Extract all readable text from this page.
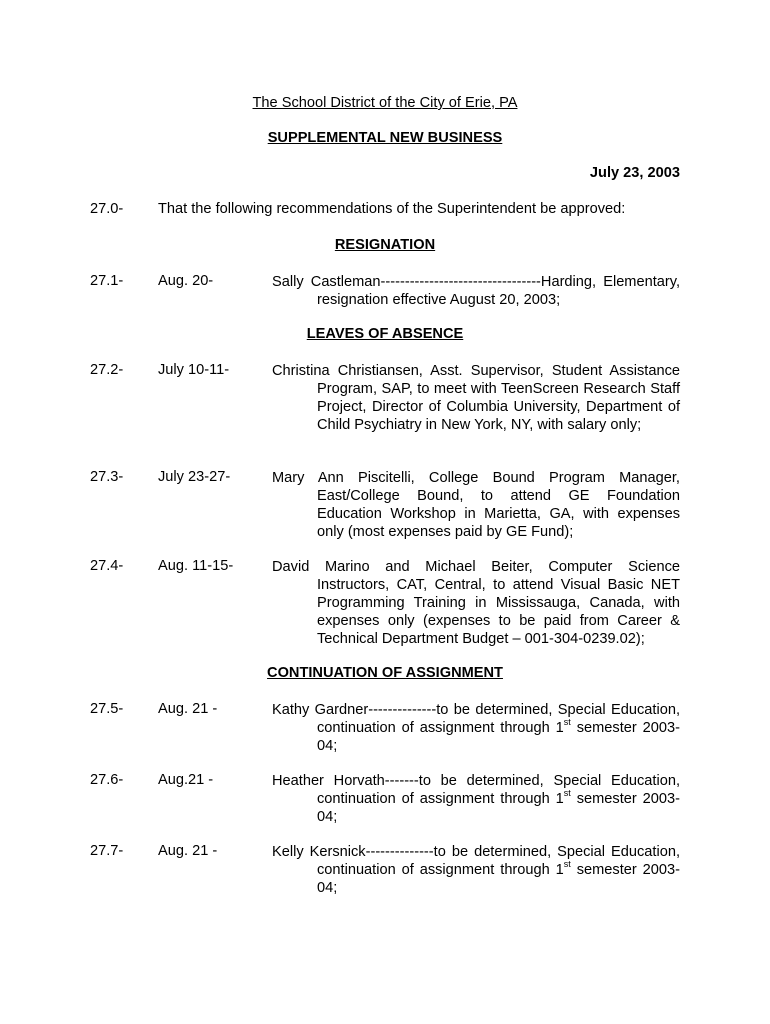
The School District of the City of Erie, PA
SUPPLEMENTAL NEW BUSINESS
July 23, 2003
27.0- That the following recommendations of the Superintendent be approved:
RESIGNATION
27.1- Aug. 20-	Sally Castleman---------------------------------Harding, Elementary,
resignation effective August 20, 2003;
LEAVES OF ABSENCE
27.2- July 10-11-	Christina Christiansen, Asst. Supervisor, Student Assistance
Program, SAP, to meet with TeenScreen Research Staff Project, Director of Columbia University, Department of Child Psychiatry in New York, NY, with salary only;
27.3- July 23-27-	Mary Ann Piscitelli, College Bound Program Manager,
East/College Bound, to attend GE Foundation Education Workshop in Marietta, GA, with expenses only (most expenses paid by GE Fund);
27.4- Aug. 11-15-	David Marino and Michael Beiter, Computer Science
Instructors, CAT, Central, to attend Visual Basic NET Programming Training in Mississauga, Canada, with expenses only (expenses to be paid from Career & Technical Department Budget – 001-304-0239.02);
CONTINUATION OF ASSIGNMENT
27.5- Aug. 21 -	Kathy Gardner--------------to be determined, Special Education,
continuation of assignment through 1st semester 2003-04;
27.6- Aug.21 -	Heather Horvath-------to be determined, Special Education,
continuation of assignment through 1st semester 2003-04;
27.7- Aug. 21 -	Kelly Kersnick--------------to be determined, Special Education,
continuation of assignment through 1st semester 2003-04;
